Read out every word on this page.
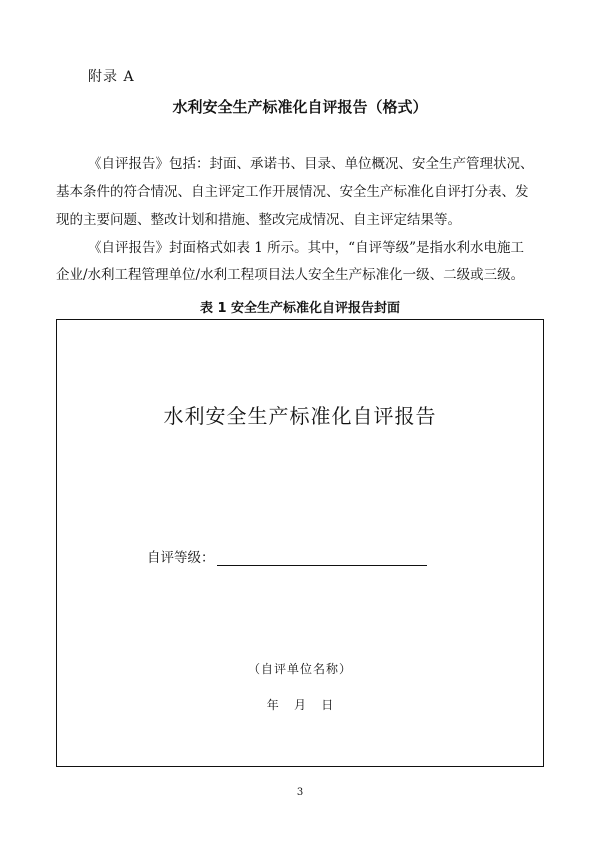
附录 A
水利安全生产标准化自评报告（格式）
《自评报告》包括：封面、承诺书、目录、单位概况、安全生产管理状况、
基本条件的符合情况、自主评定工作开展情况、安全生产标准化自评打分表、发
现的主要问题、整改计划和措施、整改完成情况、自主评定结果等。
《自评报告》封面格式如表 1 所示。其中，“自评等级”是指水利水电施工
企业/水利工程管理单位/水利工程项目法人安全生产标准化一级、二级或三级。
表 1 安全生产标准化自评报告封面
水利安全生产标准化自评报告
自评等级：
（自评单位名称）
年    月    日
3
